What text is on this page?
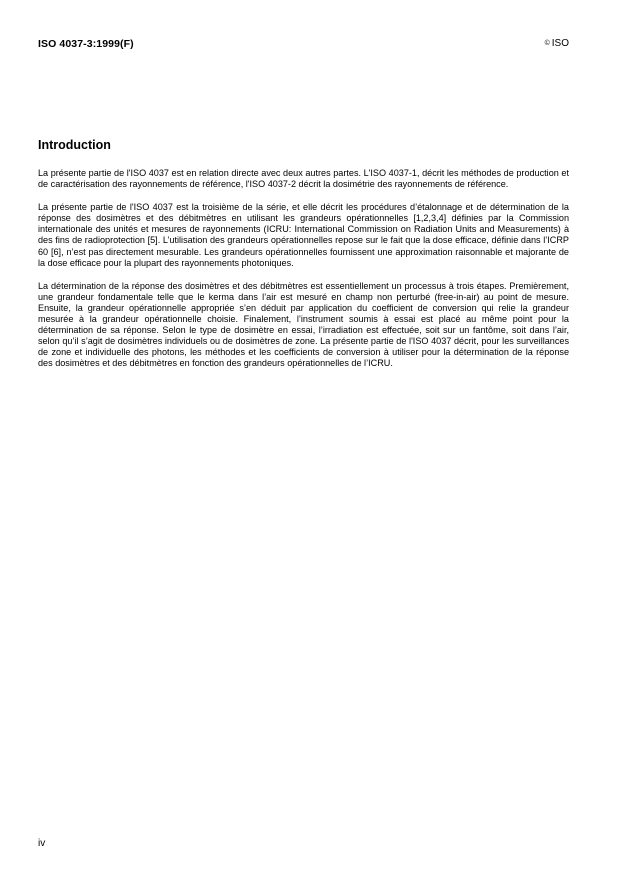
ISO 4037-3:1999(F)	© ISO
Introduction

La présente partie de l'ISO 4037 est en relation directe avec deux autres partes. L'ISO 4037-1, décrit les méthodes de production et de caractérisation des rayonnements de référence, l'ISO 4037-2 décrit la dosimétrie des rayonnements de référence.

La présente partie de l'ISO 4037 est la troisième de la série, et elle décrit les procédures d’étalonnage et de détermination de la réponse des dosimètres et des débitmètres en utilisant les grandeurs opérationnelles [1,2,3,4] définies par la Commission internationale des unités et mesures de rayonnements (ICRU: International Commission on Radiation Units and Measurements) à des fins de radioprotection [5]. L’utilisation des grandeurs opérationnelles repose sur le fait que la dose efficace, définie dans l’ICRP 60 [6], n’est pas directement mesurable. Les grandeurs opérationnelles fournissent une approximation raisonnable et majorante de la dose efficace pour la plupart des rayonnements photoniques.

La détermination de la réponse des dosimètres et des débitmètres est essentiellement un processus à trois étapes. Premièrement, une grandeur fondamentale telle que le kerma dans l’air est mesuré en champ non perturbé (free-in-air) au point de mesure. Ensuite, la grandeur opérationnelle appropriée s’en déduit par application du coefficient de conversion qui relie la grandeur mesurée à la grandeur opérationnelle choisie. Finalement, l’instrument soumis à essai est placé au même point pour la détermination de sa réponse. Selon le type de dosimètre en essai, l’irradiation est effectuée, soit sur un fantôme, soit dans l’air, selon qu’il s’agit de dosimètres individuels ou de dosimètres de zone. La présente partie de l'ISO 4037 décrit, pour les surveillances de zone et individuelle des photons, les méthodes et les coefficients de conversion à utiliser pour la détermination de la réponse des dosimètres et des débitmètres en fonction des grandeurs opérationnelles de l’ICRU.

iv
